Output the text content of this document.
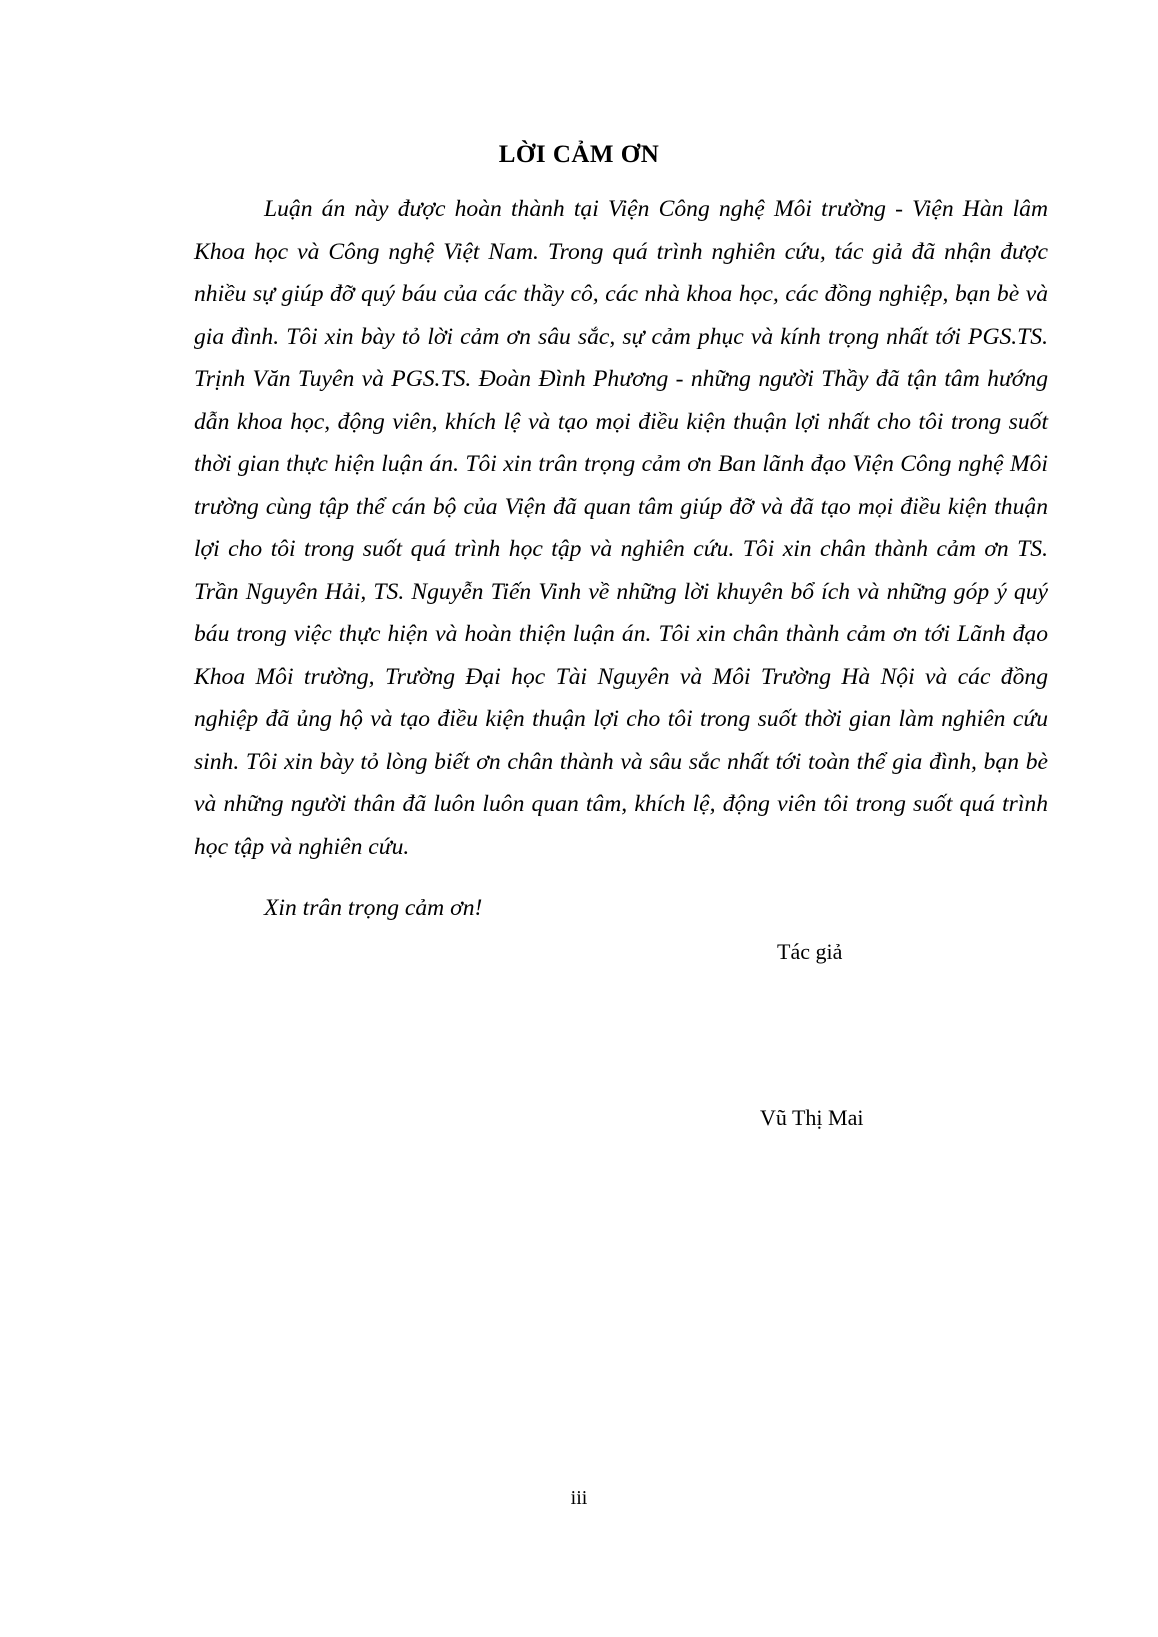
LỜI CẢM ƠN

Luận án này được hoàn thành tại Viện Công nghệ Môi trường - Viện Hàn lâm Khoa học và Công nghệ Việt Nam. Trong quá trình nghiên cứu, tác giả đã nhận được nhiều sự giúp đỡ quý báu của các thầy cô, các nhà khoa học, các đồng nghiệp, bạn bè và gia đình. Tôi xin bày tỏ lời cảm ơn sâu sắc, sự cảm phục và kính trọng nhất tới PGS.TS. Trịnh Văn Tuyên và PGS.TS. Đoàn Đình Phương - những người Thầy đã tận tâm hướng dẫn khoa học, động viên, khích lệ và tạo mọi điều kiện thuận lợi nhất cho tôi trong suốt thời gian thực hiện luận án. Tôi xin trân trọng cảm ơn Ban lãnh đạo Viện Công nghệ Môi trường cùng tập thể cán bộ của Viện đã quan tâm giúp đỡ và đã tạo mọi điều kiện thuận lợi cho tôi trong suốt quá trình học tập và nghiên cứu. Tôi xin chân thành cảm ơn TS. Trần Nguyên Hải, TS. Nguyễn Tiến Vinh về những lời khuyên bổ ích và những góp ý quý báu trong việc thực hiện và hoàn thiện luận án. Tôi xin chân thành cảm ơn tới Lãnh đạo Khoa Môi trường, Trường Đại học Tài Nguyên và Môi Trường Hà Nội và các đồng nghiệp đã ủng hộ và tạo điều kiện thuận lợi cho tôi trong suốt thời gian làm nghiên cứu sinh. Tôi xin bày tỏ lòng biết ơn chân thành và sâu sắc nhất tới toàn thể gia đình, bạn bè và những người thân đã luôn luôn quan tâm, khích lệ, động viên tôi trong suốt quá trình học tập và nghiên cứu.

Xin trân trọng cảm ơn!

Tác giả
Vũ Thị Mai
iii
